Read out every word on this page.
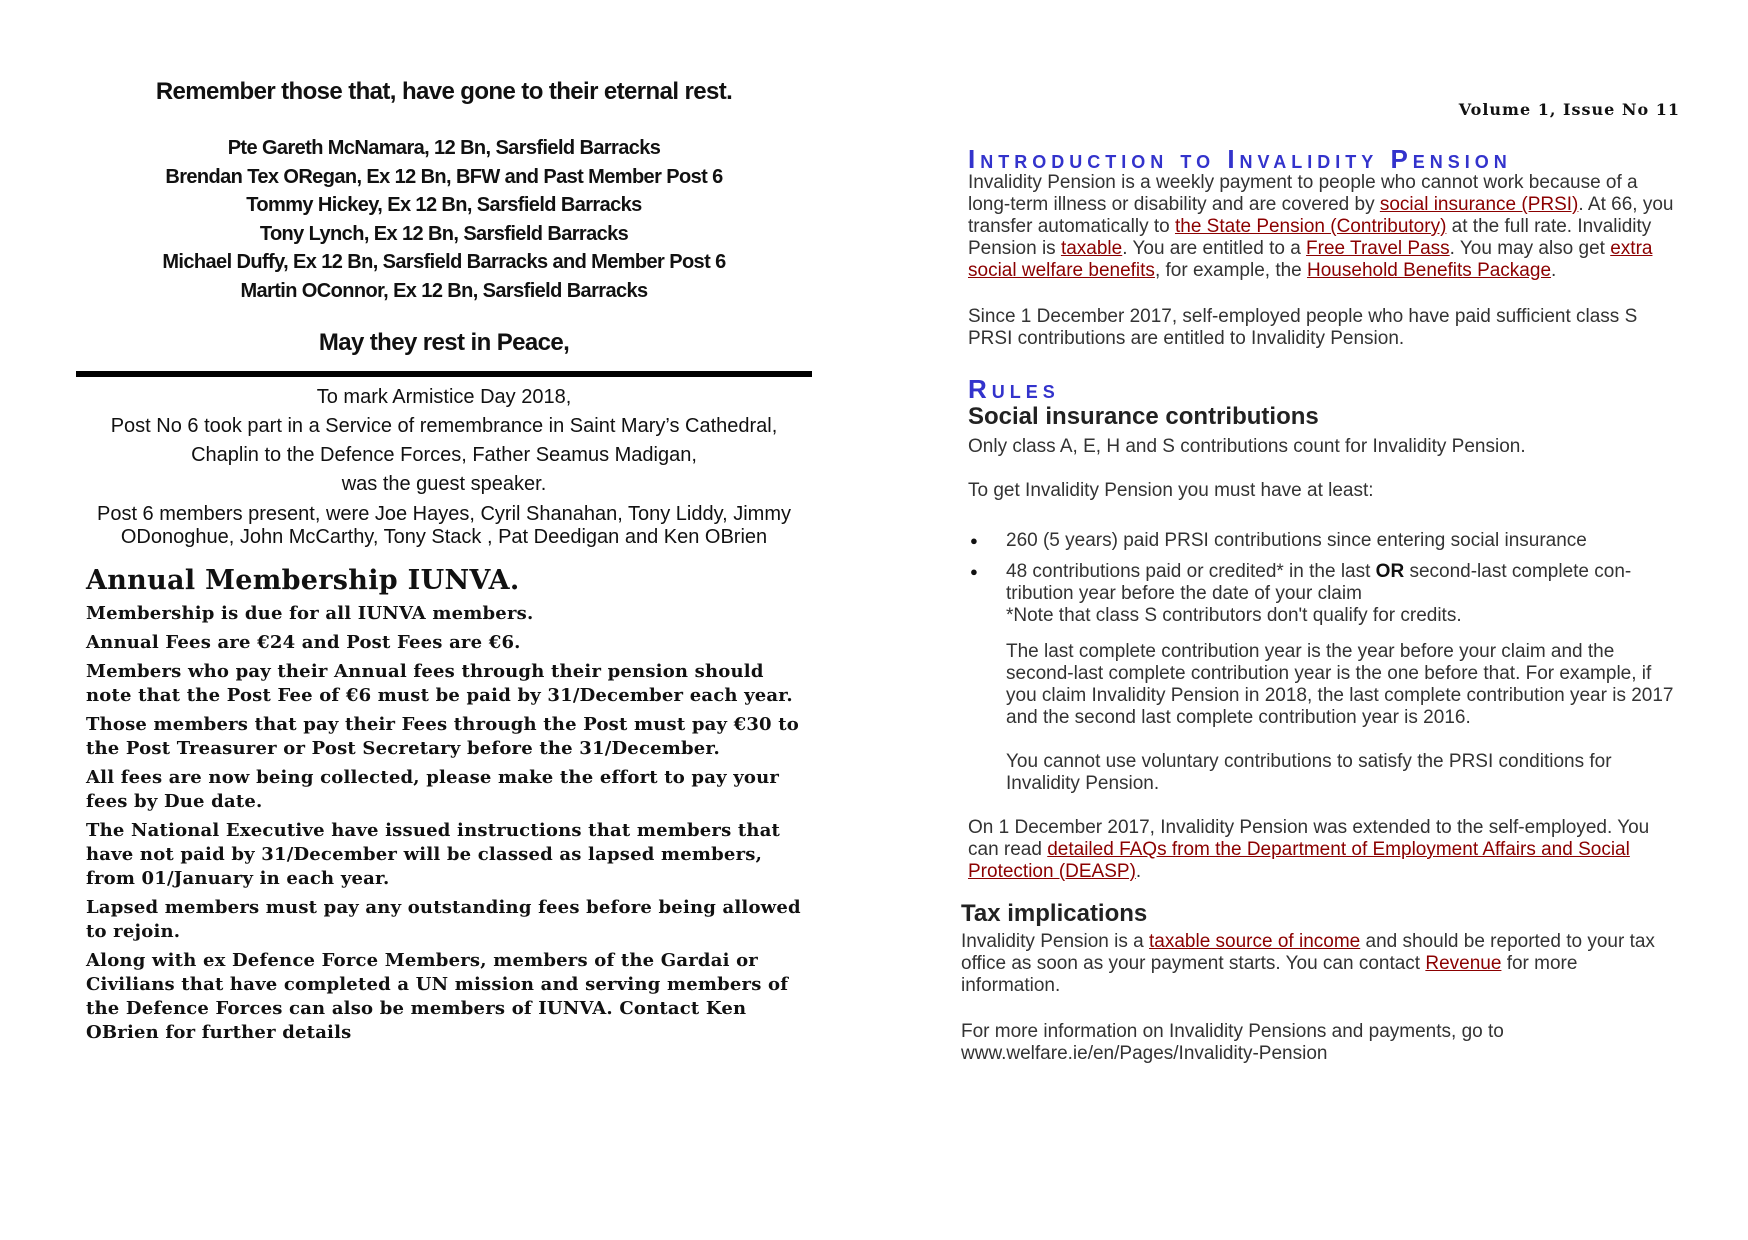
Remember those that, have gone to their eternal rest.
Pte Gareth McNamara, 12 Bn, Sarsfield Barracks
Brendan Tex ORegan, Ex 12 Bn, BFW and Past Member Post 6
Tommy Hickey, Ex 12 Bn, Sarsfield Barracks
Tony Lynch, Ex 12 Bn, Sarsfield Barracks
Michael Duffy, Ex 12 Bn, Sarsfield Barracks and Member Post 6
Martin OConnor, Ex 12 Bn, Sarsfield Barracks
May they rest in Peace,
To mark Armistice Day 2018,
Post No 6 took part in a Service of remembrance in Saint Mary’s Cathedral,
Chaplin to the Defence Forces, Father Seamus Madigan,
was the guest speaker.
Post 6 members present, were Joe Hayes, Cyril Shanahan, Tony Liddy, Jimmy ODonoghue, John McCarthy, Tony Stack , Pat Deedigan and Ken OBrien
Annual Membership IUNVA.

Membership is due for all IUNVA members.

Annual Fees are €24 and Post Fees are €6.

Members who pay their Annual fees through their pension should note that the Post Fee of €6 must be paid by 31/December each year.

Those members that pay their Fees through the Post must pay €30 to the Post Treasurer or Post Secretary before the 31/December.

All fees are now being collected, please make the effort to pay your fees by Due date.

The National Executive have issued instructions that members that have not paid by 31/December will be classed as lapsed members, from 01/January in each year.

Lapsed members must pay any outstanding fees before being allowed to rejoin.

Along with ex Defence Force Members, members of the Gardai or Civilians that have completed a UN mission and serving members of the Defence Forces can also be members of IUNVA. Contact Ken OBrien for further details

Volume 1, Issue No 11
Introduction to Invalidity Pension

Invalidity Pension is a weekly payment to people who cannot work because of a long-term illness or disability and are covered by social insurance (PRSI). At 66, you transfer automatically to the State Pension (Contributory) at the full rate. Invalidity Pension is taxable. You are entitled to a Free Travel Pass. You may also get extra social welfare benefits, for example, the Household Benefits Package.

Since 1 December 2017, self-employed people who have paid sufficient class S PRSI contributions are entitled to Invalidity Pension.

Rules
Social insurance contributions

Only class A, E, H and S contributions count for Invalidity Pension.

To get Invalidity Pension you must have at least:

● 260 (5 years) paid PRSI contributions since entering social insurance
● 48 contributions paid or credited* in the last OR second-last complete con-tribution year before the date of your claim
*Note that class S contributors don't qualify for credits.

The last complete contribution year is the year before your claim and the second-last complete contribution year is the one before that. For example, if you claim Invalidity Pension in 2018, the last complete contribution year is 2017 and the second last complete contribution year is 2016.

You cannot use voluntary contributions to satisfy the PRSI conditions for Invalidity Pension.

On 1 December 2017, Invalidity Pension was extended to the self-employed. You can read detailed FAQs from the Department of Employment Affairs and Social Protection (DEASP).

Tax implications

Invalidity Pension is a taxable source of income and should be reported to your tax office as soon as your payment starts. You can contact Revenue for more information.

For more information on Invalidity Pensions and payments, go to www.welfare.ie/en/Pages/Invalidity-Pension
